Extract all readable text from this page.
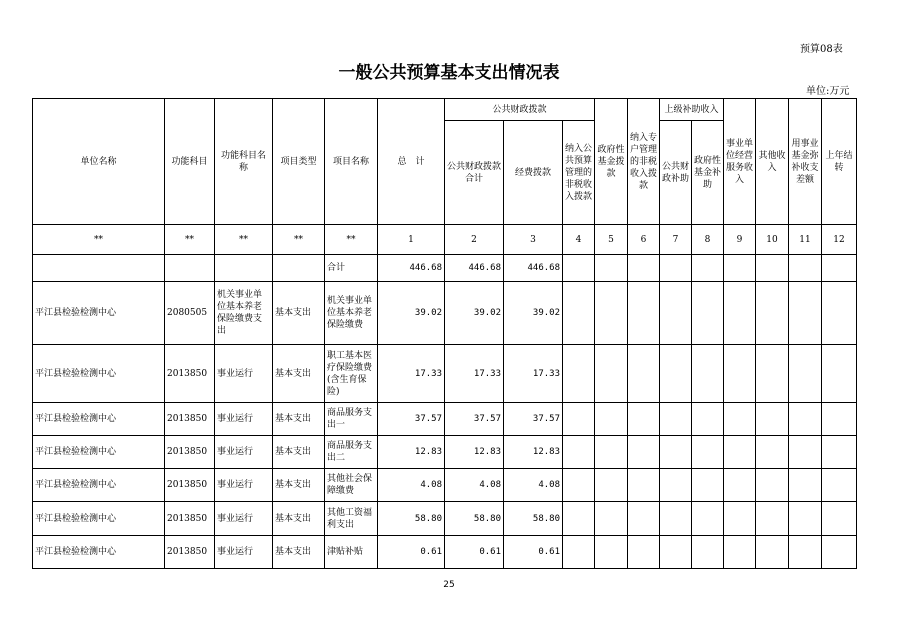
预算08表
一般公共预算基本支出情况表
单位:万元
单位名称	功能科目	功能科目名称	项目类型	项目名称	总　计	公共财政拨款			政府性基金拨款	纳入专户管理的非税收入拨款	上级补助收入		事业单位经营服务收入	其他收入	用事业基金弥补收支差额	上年结转
						公共财政拨款合计	经费拨款	纳入公共预算管理的非税收入拨款			公共财政补助	政府性基金补助				
**	**	**	**	**	1	2	3	4	5	6	7	8	9	10	11	12
				合计	446.68	446.68	446.68									
平江县检验检测中心	2080505	机关事业单位基本养老保险缴费支出	基本支出	机关事业单位基本养老保险缴费	39.02	39.02	39.02									
平江县检验检测中心	2013850	事业运行	基本支出	职工基本医疗保险缴费(含生育保险)	17.33	17.33	17.33									
平江县检验检测中心	2013850	事业运行	基本支出	商品服务支出一	37.57	37.57	37.57									
平江县检验检测中心	2013850	事业运行	基本支出	商品服务支出二	12.83	12.83	12.83									
平江县检验检测中心	2013850	事业运行	基本支出	其他社会保障缴费	4.08	4.08	4.08									
平江县检验检测中心	2013850	事业运行	基本支出	其他工资福利支出	58.80	58.80	58.80									
平江县检验检测中心	2013850	事业运行	基本支出	津贴补贴	0.61	0.61	0.61									
25
